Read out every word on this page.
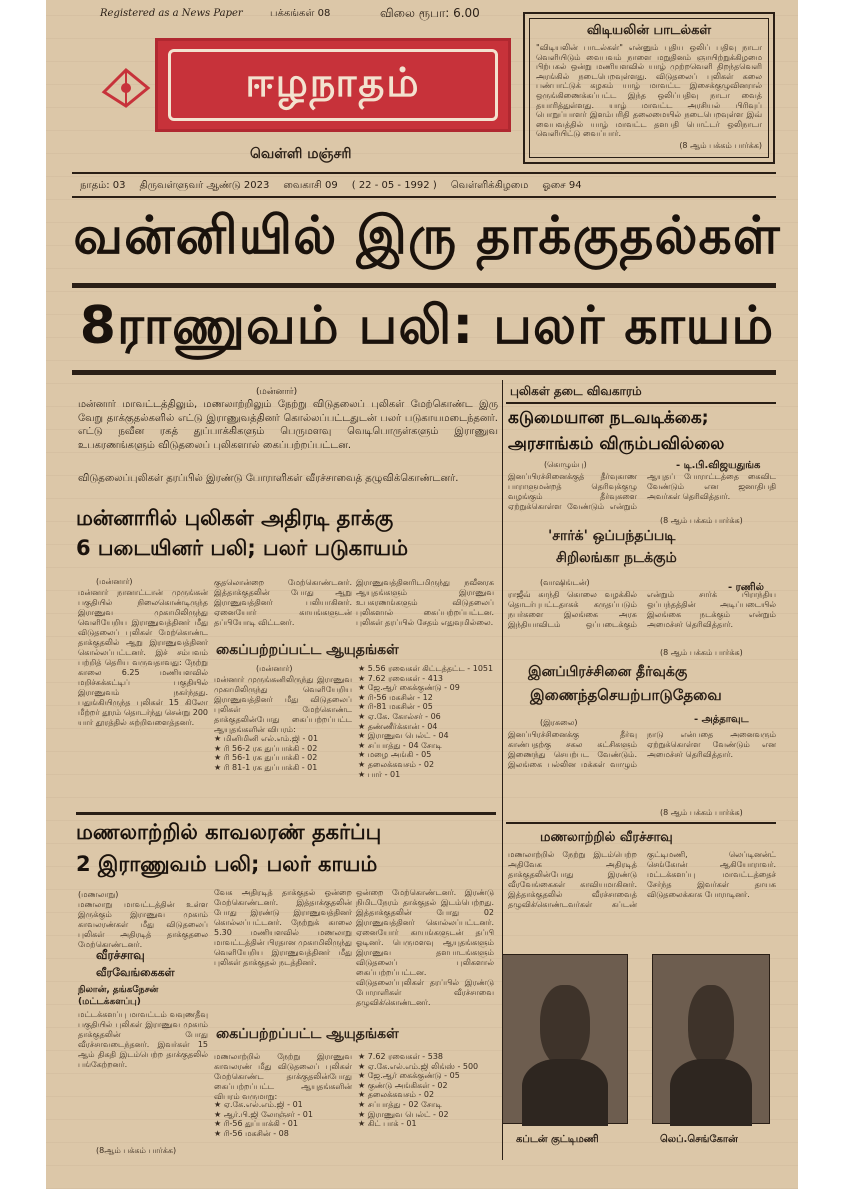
Registered as a News Paper	பக்கங்கள் 08	விலை ரூபா: 6.00
ஈழநாதம்
வெள்ளி மஞ்சரி
விடியலின் பாடல்கள்
"விடியலின் பாடல்கள்" என்னும் புதிய ஒலிப் பதிவு நாடா வெளியிடும் வைபவம் நாளை மறுதினம் ஞாயிற்றுக்கிழமை பிற்பகல் ஒன்று மணியளவில் யாழ் முற்றவெளி திறந்தவெளி அரங்கில் நடைபெறவுள்ளது. விடுதலைப் புலிகள் கலை பண்பாட்டுக் கழகம் யாழ் மாவட்ட இசைக்குழுவினரால் ஒருங்கிணைக்கப்பட்ட இந்த ஒலிப்பதிவு நாடா வைத் தயாரித்துள்ளது. யாழ் மாவட்ட அரசியல் பிரிவுப் பொறுப்பாளர் இளம்பரிதி தலைமையில் நடைபெறவுள்ள இவ் வைபவத்தில் யாழ் மாவட்ட தளபதி பொட்டர் ஒலிநாடா வெளியிட்டு வைப்பார்.
(8 ஆம் பக்கம் பார்க்க)
நாதம்: 03 திருவள்ளுவர் ஆண்டு 2023 வைகாசி 09 ( 22 - 05 - 1992 ) வெள்ளிக்கிழமை ஓசை 94
வன்னியில் இரு தாக்குதல்கள்
8ராணுவம் பலி: பலர் காயம்
(மன்னார்)
மன்னார் மாவட்டத்திலும், மணலாற்றிலும் நேற்று விடுதலைப் புலிகள் மேற்கொண்ட இரு வேறு தாக்குதல்களில் எட்டு இராணுவத்தினர் கொல்லப்பட்டதுடன் பலர் படுகாயமடைந்தனர். எட்டு நவீன ரகத் துப்பாக்கிகளும் பெருமளவு வெடிபொருள்களும் இராணுவ உபகரணங்களும் விடுதலைப் புலிகளால் கைப்பற்றப்பட்டன.
விடுதலைப்புலிகள் தரப்பில் இரண்டு போராளிகள் வீரச்சாவைத் தழுவிக்கொண்டனர்.
மன்னாரில் புலிகள் அதிரடி தாக்கு
6 படையினர் பலி; பலர் படுகாயம்
(மன்னார்)
மன்னார் நானாட்டான் முருங்கன் பகுதியில் நிலைகொண்டிருந்த இராணுவ முகாமிலிருந்து வெளியேறிய இராணுவத்தினர் மீது விடுதலைப் புலிகள் மேற்கொண்ட தாக்குதலில் ஆறு இராணுவத்தினர் கொல்லப்பட்டனர். இச் சம்பவம் பற்றித் தெரிய வருவதாவது: நேற்று காலை 6.25 மணியளவில் மறிச்சுக்கட்டிப் பகுதியில் இராணுவம் நகர்ந்தது. பதுங்கியிருந்த புலிகள் 15 கிலோ மீற்றர் தூரம் தொடர்ந்து சென்று 200 யார் தூரத்தில் சுற்றிவளைத்தனர்.
குதலொன்றை மேற்கொண்டனர். இத்தாக்குதலின் போது ஆறு இராணுவத்தினர் பலியாகினர். ஏனையோர் காயங்களுடன் தப்பியோடி விட்டனர்.
இராணுவத்தினரிடமிருந்து நவீனரக ஆயுதங்களும் இராணுவ உபகரணங்களும் விடுதலைப் புலிகளால் கைப்பற்றப்பட்டன. புலிகள் தரப்பில் சேதம் எதுவுமில்லை.
கைப்பற்றப்பட்ட ஆயுதங்கள்
(மன்னார்)
மன்னார் முருங்கனிலிருந்து இராணுவ முகாமிலிருந்து வெளியேறிய இராணுவத்தினர் மீது விடுதலைப் புலிகள் மேற்கொண்ட தாக்குதலின்போது கைப்பற்றப்பட்ட ஆயுதங்களின் விபரம்:
★ மினிமினி எல்.எம்.ஜி - 01
★ ரி 56-2 ரக துப்பாக்கி - 02
★ ரி 56-1 ரக துப்பாக்கி - 02
★ ரி 81-1 ரக துப்பாக்கி - 01
★ 5.56 ரவைகள் கிட்டத்தட்ட - 1051
★ 7.62 ரவைகள் - 413
★ ஜே.ஆர் கைக்குண்டு - 09
★ ரி-56 மகசின் - 12
★ ரி-81 மகசின் - 05
★ ஏ.கே. கோல்சர் - 06
★ தண்ணீர்க்கான் - 04
★ இராணுவ பெல்ட் - 04
★ சப்பாத்து - 04 சோடி
★ மழை அங்கி - 05
★ தலைக்கவசம் - 02
★ பார் - 01
மணலாற்றில் காவலரண் தகர்ப்பு
2 இராணுவம் பலி; பலர் காயம்
(மணலாறு)
மணலாறு மாவட்டத்தின் உள்ள இருக்கும் இராணுவ முகாம் காவலரண்கள் மீது விடுதலைப் புலிகள் அதிரடித் தாக்குதலை மேற்கொண்டனர்.
வேக அதிரடித் தாக்குதல் ஒன்றை மேற்கொண்டனர். இத்தாக்குதலின் போது இரண்டு இராணுவத்தினர் கொல்லப்பட்டனர். நேற்றுக் காலை 5.30 மணியளவில் மணலாறு மாவட்டத்தின் பிரதான முகாமிலிருந்து வெளியேறிய இராணுவத்தினர் மீது புலிகள் தாக்குதல் நடத்தினர்.
ஒன்றை மேற்கொண்டனர். இரண்டு நிமிடநேரம் தாக்குதல் இடம்பெற்றது. இத்தாக்குதலின் போது 02 இராணுவத்தினர் கொல்லப்பட்டனர். ஏனையோர் காயங்களுடன் தப்பி ஓடினர். பெருமளவு ஆயுதங்களும் இராணுவ தளபாடங்களும் விடுதலைப் புலிகளால் கைப்பற்றப்பட்டன. விடுதலைப்புலிகள் தரப்பில் இரண்டு போராளிகள் வீரச்சாவை தழுவிக்கொண்டனர்.
வீரச்சாவு
வீரவேங்கைகள்
நிலான், தங்கநேசன் (மட்டக்களப்பு)
மட்டக்களப்பு மாவட்டம் வவுணதீவு பகுதியில் புலிகள் இராணுவ முகாம் தாக்குதலின் போது வீரச்சாவடைந்தனர். இவர்கள் 15 ஆம் திகதி இடம்பெற்ற தாக்குதலில் பங்கேற்றனர்.
(8ஆம் பக்கம் பார்க்க)
கைப்பற்றப்பட்ட ஆயுதங்கள்
மணலாற்றில் நேற்று இராணுவ காவலரண் மீது விடுதலைப் புலிகள் மேற்கொண்ட தாக்குதலின்போது கைப்பற்றப்பட்ட ஆயுதங்களின் விபரம் வருமாறு:
★ ஏ.கே.எல்.எம்.ஜி - 01
★ ஆர்.பி.ஜி லோஞ்சர் - 01
★ ரி-56 துப்பாக்கி - 01
★ ரி-56 மகசின் - 08
★ 7.62 ரவைகள் - 538
★ ஏ.கே.எல்.எம்.ஜி லிங்ஸ் - 500
★ ஜே.ஆர் கைக்குண்டு - 05
★ குண்டு அங்கிகள் - 02
★ தலைக்கவசம் - 02
★ சப்பாத்து - 02 சோடி
★ இராணுவ பெல்ட் - 02
★ கிட் பாக் - 01
புலிகள் தடை விவகாரம்
கடுமையான நடவடிக்கை;
அரசாங்கம் விரும்பவில்லை
- டி.பி.விஜயதுங்க
(கொழும்பு)
இனப்பிரச்சினைக்குத் தீர்வுகாண பாராளுமன்றத் தெரிவுக்குழு வழங்கும் தீர்வுகளை ஏற்றுக்கொள்ள வேண்டும் என்றும் ஆயுதப் போராட்டத்தை கைவிட வேண்டும் என ஜனாதிபதி அவர்கள் தெரிவித்தார்.
(8 ஆம் பக்கம் பார்க்க)
'சார்க்' ஒப்பந்தப்படி
சிறிலங்கா நடக்கும்
- ரணில்
(வாஷிங்டன்)
ராஜீவ் காந்தி கொலை வழக்கில் தொடர்புபட்டதாகக் கருதப்படும் நபர்களை இலங்கை அரசு இந்தியாவிடம் ஒப்படைக்கும் என்றும் சார்க் பிராந்திய ஒப்பந்தத்தின் அடிப்படையில் இலங்கை நடக்கும் என்றும் அமைச்சர் தெரிவித்தார்.
(8 ஆம் பக்கம் பார்க்க)
இனப்பிரச்சினை தீர்வுக்கு
இணைந்தசெயற்பாடுதேவை
- அத்தாவுட
(இரகலை)
இனப்பிரச்சினைக்கு தீர்வு காண்பதற்கு சகல கட்சிகளும் இணைந்து செயற்பட வேண்டும். இலங்கை பல்லின மக்கள் வாழும் நாடு என்பதை அனைவரும் ஏற்றுக்கொள்ள வேண்டும் என அமைச்சர் தெரிவித்தார்.
(8 ஆம் பக்கம் பார்க்க)
மணலாற்றில் வீரச்சாவு
மணலாற்றில் நேற்று இடம்பெற்ற அதிவேக அதிரடித் தாக்குதலின்போது இரண்டு வீரவேங்கைகள் காவியமாகினர். இத்தாக்குதலில் வீரச்சாவைத் தழுவிக்கொண்டவர்கள் கப்டன் குட்டிமணி, லெப்டினன்ட் செங்கோன் ஆகியோராவர். மட்டக்களப்பு மாவட்டத்தைச் சேர்ந்த இவர்கள் தாயக விடுதலைக்காக போராடினர்.
கப்டன் குட்டிமணி	லெப்.செங்கோன்
